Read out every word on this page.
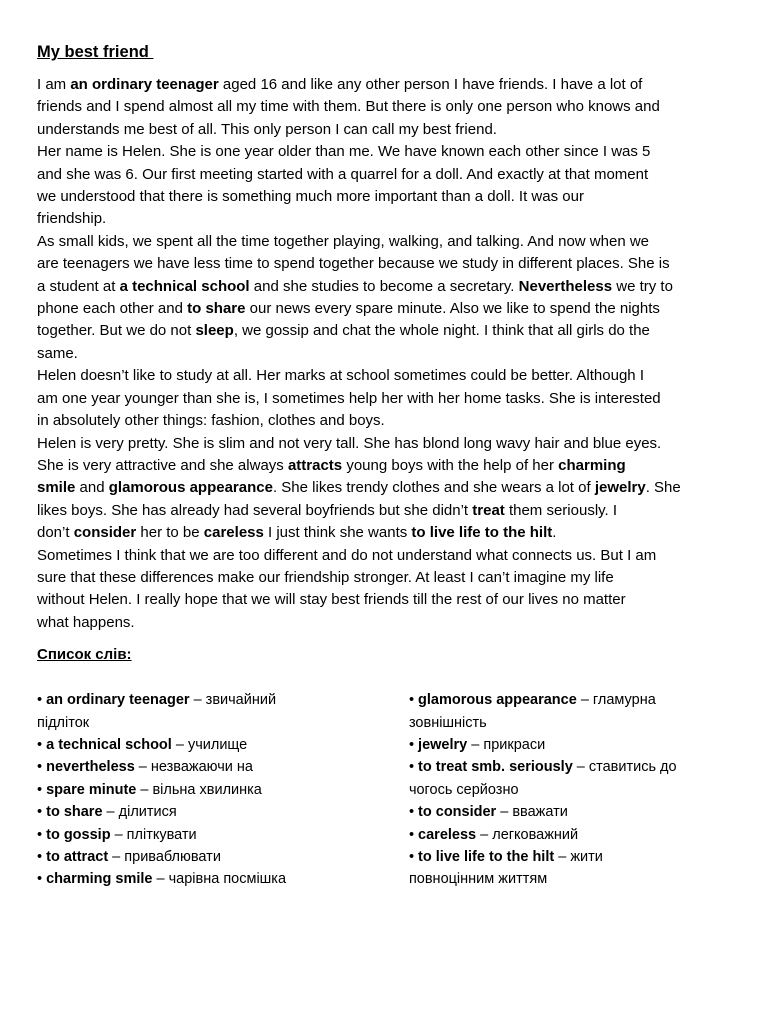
My best friend
I am an ordinary teenager aged 16 and like any other person I have friends. I have a lot of
friends and I spend almost all my time with them. But there is only one person who knows and
understands me best of all. This only person I can call my best friend.
Her name is Helen. She is one year older than me. We have known each other since I was 5
and she was 6. Our first meeting started with a quarrel for a doll. And exactly at that moment
we understood that there is something much more important than a doll. It was our
friendship.
As small kids, we spent all the time together playing, walking, and talking. And now when we
are teenagers we have less time to spend together because we study in different places. She is
a student at a technical school and she studies to become a secretary. Nevertheless we try to
phone each other and to share our news every spare minute. Also we like to spend the nights
together. But we do not sleep, we gossip and chat the whole night. I think that all girls do the
same.
Helen doesn’t like to study at all. Her marks at school sometimes could be better. Although I
am one year younger than she is, I sometimes help her with her home tasks. She is interested
in absolutely other things: fashion, clothes and boys.
Helen is very pretty. She is slim and not very tall. She has blond long wavy hair and blue eyes.
She is very attractive and she always attracts young boys with the help of her charming
smile and glamorous appearance. She likes trendy clothes and she wears a lot of jewelry. She
likes boys. She has already had several boyfriends but she didn’t treat them seriously. I
don’t consider her to be careless I just think she wants to live life to the hilt.
Sometimes I think that we are too different and do not understand what connects us. But I am
sure that these differences make our friendship stronger. At least I can’t imagine my life
without Helen. I really hope that we will stay best friends till the rest of our lives no matter
what happens.
Список слів:
• an ordinary teenager – звичайний
підліток
• a technical school – училище
• nevertheless – незважаючи на
• spare minute – вільна хвилинка
• to share – ділитися
• to gossip – пліткувати
• to attract – приваблювати
• charming smile – чарівна посмішка
• glamorous appearance – гламурна
зовнішність
• jewelry – прикраси
• to treat smb. seriously – ставитись до
чогось серйозно
• to consider – вважати
• careless – легковажний
• to live life to the hilt – жити
повноцінним життям
